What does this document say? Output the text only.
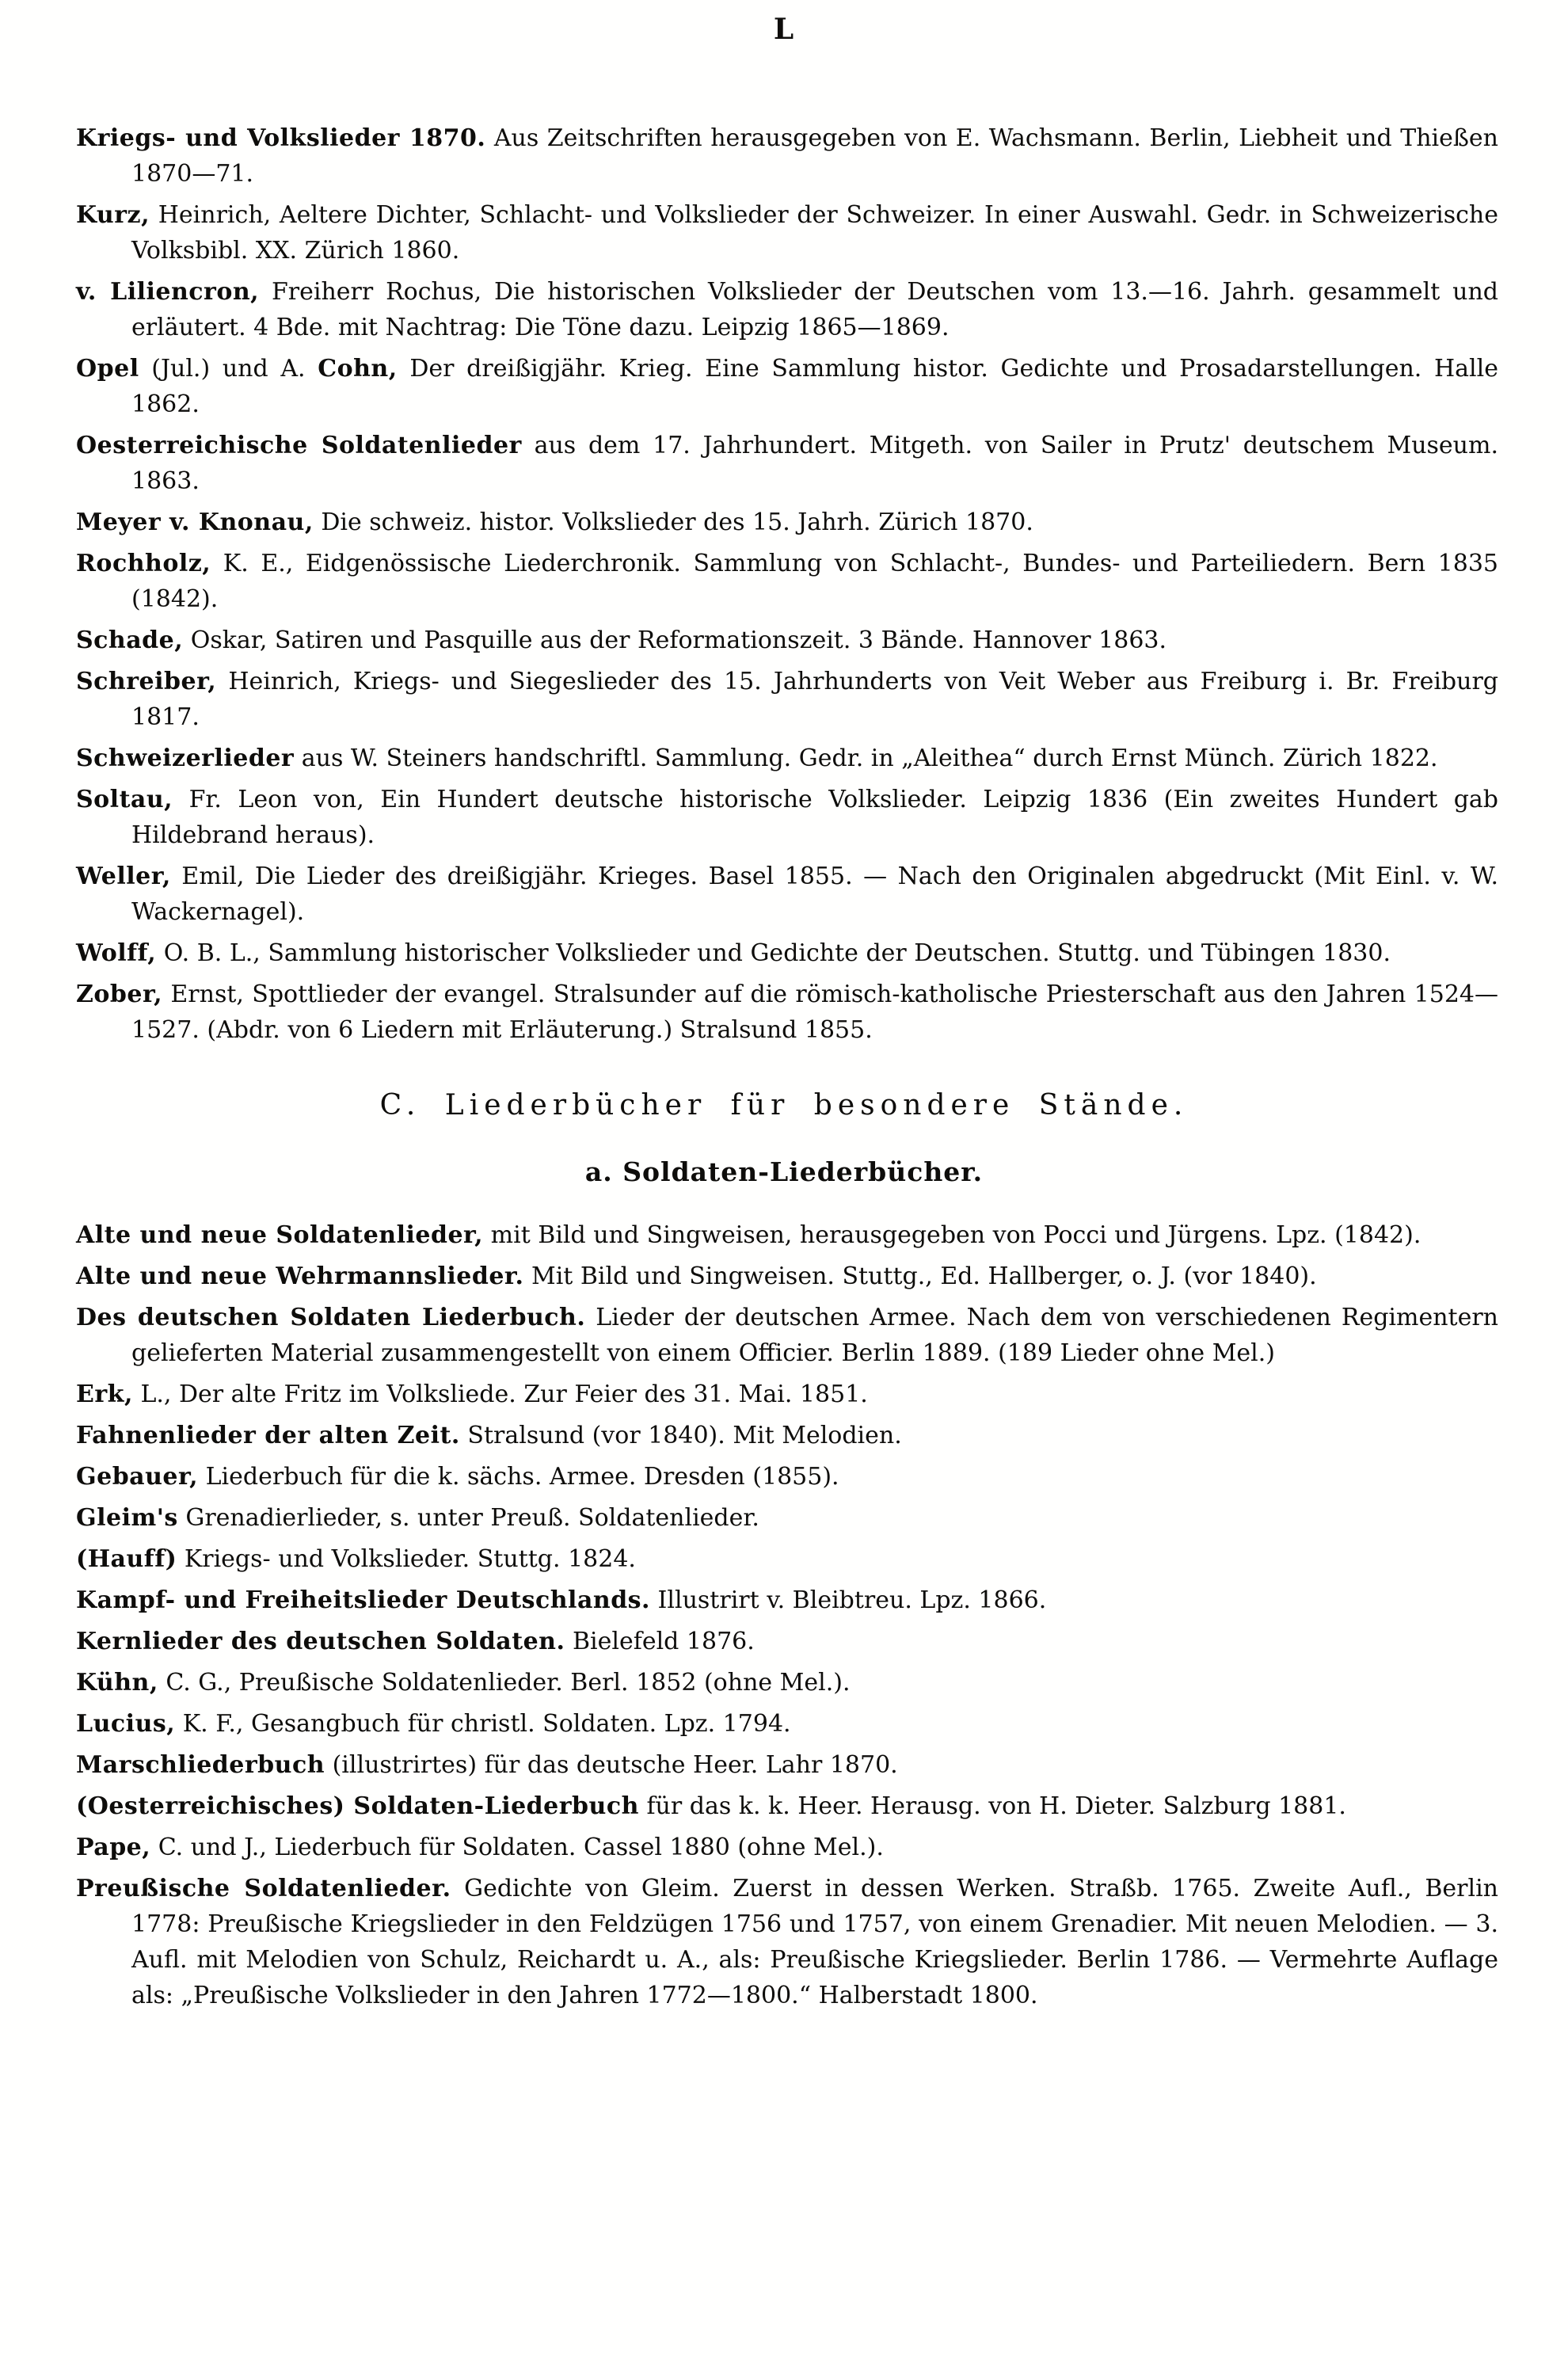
L
Kriegs- und Volkslieder 1870. Aus Zeitschriften herausgegeben von E. Wachsmann. Berlin, Liebheit und Thießen 1870—71.
Kurz, Heinrich, Aeltere Dichter, Schlacht- und Volkslieder der Schweizer. In einer Auswahl. Gedr. in Schweizerische Volksbibl. XX. Zürich 1860.
v. Liliencron, Freiherr Rochus, Die historischen Volkslieder der Deutschen vom 13.—16. Jahrh. gesammelt und erläutert. 4 Bde. mit Nachtrag: Die Töne dazu. Leipzig 1865—1869.
Opel (Jul.) und A. Cohn, Der dreißigjähr. Krieg. Eine Sammlung histor. Gedichte und Prosadarstellungen. Halle 1862.
Oesterreichische Soldatenlieder aus dem 17. Jahrhundert. Mitgeth. von Sailer in Prutz' deutschem Museum. 1863.
Meyer v. Knonau, Die schweiz. histor. Volkslieder des 15. Jahrh. Zürich 1870.
Rochholz, K. E., Eidgenössische Liederchronik. Sammlung von Schlacht-, Bundes- und Parteiliedern. Bern 1835 (1842).
Schade, Oskar, Satiren und Pasquille aus der Reformationszeit. 3 Bände. Hannover 1863.
Schreiber, Heinrich, Kriegs- und Siegeslieder des 15. Jahrhunderts von Veit Weber aus Freiburg i. Br. Freiburg 1817.
Schweizerlieder aus W. Steiners handschriftl. Sammlung. Gedr. in „Aleithea“ durch Ernst Münch. Zürich 1822.
Soltau, Fr. Leon von, Ein Hundert deutsche historische Volkslieder. Leipzig 1836 (Ein zweites Hundert gab Hildebrand heraus).
Weller, Emil, Die Lieder des dreißigjähr. Krieges. Basel 1855. — Nach den Originalen abgedruckt (Mit Einl. v. W. Wackernagel).
Wolff, O. B. L., Sammlung historischer Volkslieder und Gedichte der Deutschen. Stuttg. und Tübingen 1830.
Zober, Ernst, Spottlieder der evangel. Stralsunder auf die römisch-katholische Priesterschaft aus den Jahren 1524—1527. (Abdr. von 6 Liedern mit Erläuterung.) Stralsund 1855.
C. Liederbücher für besondere Stände.
a. Soldaten-Liederbücher.
Alte und neue Soldatenlieder, mit Bild und Singweisen, herausgegeben von Pocci und Jürgens. Lpz. (1842).
Alte und neue Wehrmannslieder. Mit Bild und Singweisen. Stuttg., Ed. Hallberger, o. J. (vor 1840).
Des deutschen Soldaten Liederbuch. Lieder der deutschen Armee. Nach dem von verschiedenen Regimentern gelieferten Material zusammengestellt von einem Officier. Berlin 1889. (189 Lieder ohne Mel.)
Erk, L., Der alte Fritz im Volksliede. Zur Feier des 31. Mai. 1851.
Fahnenlieder der alten Zeit. Stralsund (vor 1840). Mit Melodien.
Gebauer, Liederbuch für die k. sächs. Armee. Dresden (1855).
Gleim's Grenadierlieder, s. unter Preuß. Soldatenlieder.
(Hauff) Kriegs- und Volkslieder. Stuttg. 1824.
Kampf- und Freiheitslieder Deutschlands. Illustrirt v. Bleibtreu. Lpz. 1866.
Kernlieder des deutschen Soldaten. Bielefeld 1876.
Kühn, C. G., Preußische Soldatenlieder. Berl. 1852 (ohne Mel.).
Lucius, K. F., Gesangbuch für christl. Soldaten. Lpz. 1794.
Marschliederbuch (illustrirtes) für das deutsche Heer. Lahr 1870.
(Oesterreichisches) Soldaten-Liederbuch für das k. k. Heer. Herausg. von H. Dieter. Salzburg 1881.
Pape, C. und J., Liederbuch für Soldaten. Cassel 1880 (ohne Mel.).
Preußische Soldatenlieder. Gedichte von Gleim. Zuerst in dessen Werken. Straßb. 1765. Zweite Aufl., Berlin 1778: Preußische Kriegslieder in den Feldzügen 1756 und 1757, von einem Grenadier. Mit neuen Melodien. — 3. Aufl. mit Melodien von Schulz, Reichardt u. A., als: Preußische Kriegslieder. Berlin 1786. — Vermehrte Auflage als: „Preußische Volkslieder in den Jahren 1772—1800.“ Halberstadt 1800.
